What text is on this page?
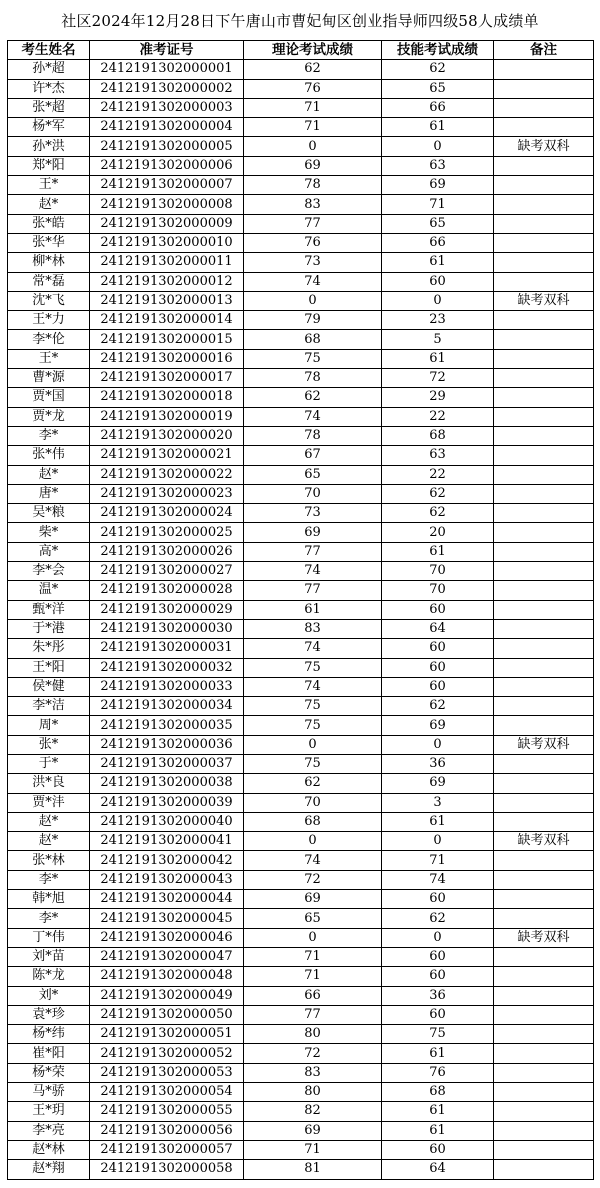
社区2024年12月28日下午唐山市曹妃甸区创业指导师四级58人成绩单
考生姓名	准考证号	理论考试成绩	技能考试成绩	备注
孙*超	2412191302000001	62	62	
许*杰	2412191302000002	76	65	
张*超	2412191302000003	71	66	
杨*军	2412191302000004	71	61	
孙*洪	2412191302000005	0	0	缺考双科
郑*阳	2412191302000006	69	63	
王*	2412191302000007	78	69	
赵*	2412191302000008	83	71	
张*皓	2412191302000009	77	65	
张*华	2412191302000010	76	66	
柳*林	2412191302000011	73	61	
常*磊	2412191302000012	74	60	
沈*飞	2412191302000013	0	0	缺考双科
王*力	2412191302000014	79	23	
李*伦	2412191302000015	68	5	
王*	2412191302000016	75	61	
曹*源	2412191302000017	78	72	
贾*国	2412191302000018	62	29	
贾*龙	2412191302000019	74	22	
李*	2412191302000020	78	68	
张*伟	2412191302000021	67	63	
赵*	2412191302000022	65	22	
唐*	2412191302000023	70	62	
吴*粮	2412191302000024	73	62	
柴*	2412191302000025	69	20	
高*	2412191302000026	77	61	
李*会	2412191302000027	74	70	
温*	2412191302000028	77	70	
甄*洋	2412191302000029	61	60	
于*港	2412191302000030	83	64	
朱*彤	2412191302000031	74	60	
王*阳	2412191302000032	75	60	
侯*健	2412191302000033	74	60	
李*洁	2412191302000034	75	62	
周*	2412191302000035	75	69	
张*	2412191302000036	0	0	缺考双科
于*	2412191302000037	75	36	
洪*良	2412191302000038	62	69	
贾*沣	2412191302000039	70	3	
赵*	2412191302000040	68	61	
赵*	2412191302000041	0	0	缺考双科
张*林	2412191302000042	74	71	
李*	2412191302000043	72	74	
韩*旭	2412191302000044	69	60	
李*	2412191302000045	65	62	
丁*伟	2412191302000046	0	0	缺考双科
刘*苗	2412191302000047	71	60	
陈*龙	2412191302000048	71	60	
刘*	2412191302000049	66	36	
袁*珍	2412191302000050	77	60	
杨*纬	2412191302000051	80	75	
崔*阳	2412191302000052	72	61	
杨*荣	2412191302000053	83	76	
马*骄	2412191302000054	80	68	
王*玥	2412191302000055	82	61	
李*亮	2412191302000056	69	61	
赵*林	2412191302000057	71	60	
赵*翔	2412191302000058	81	64	
